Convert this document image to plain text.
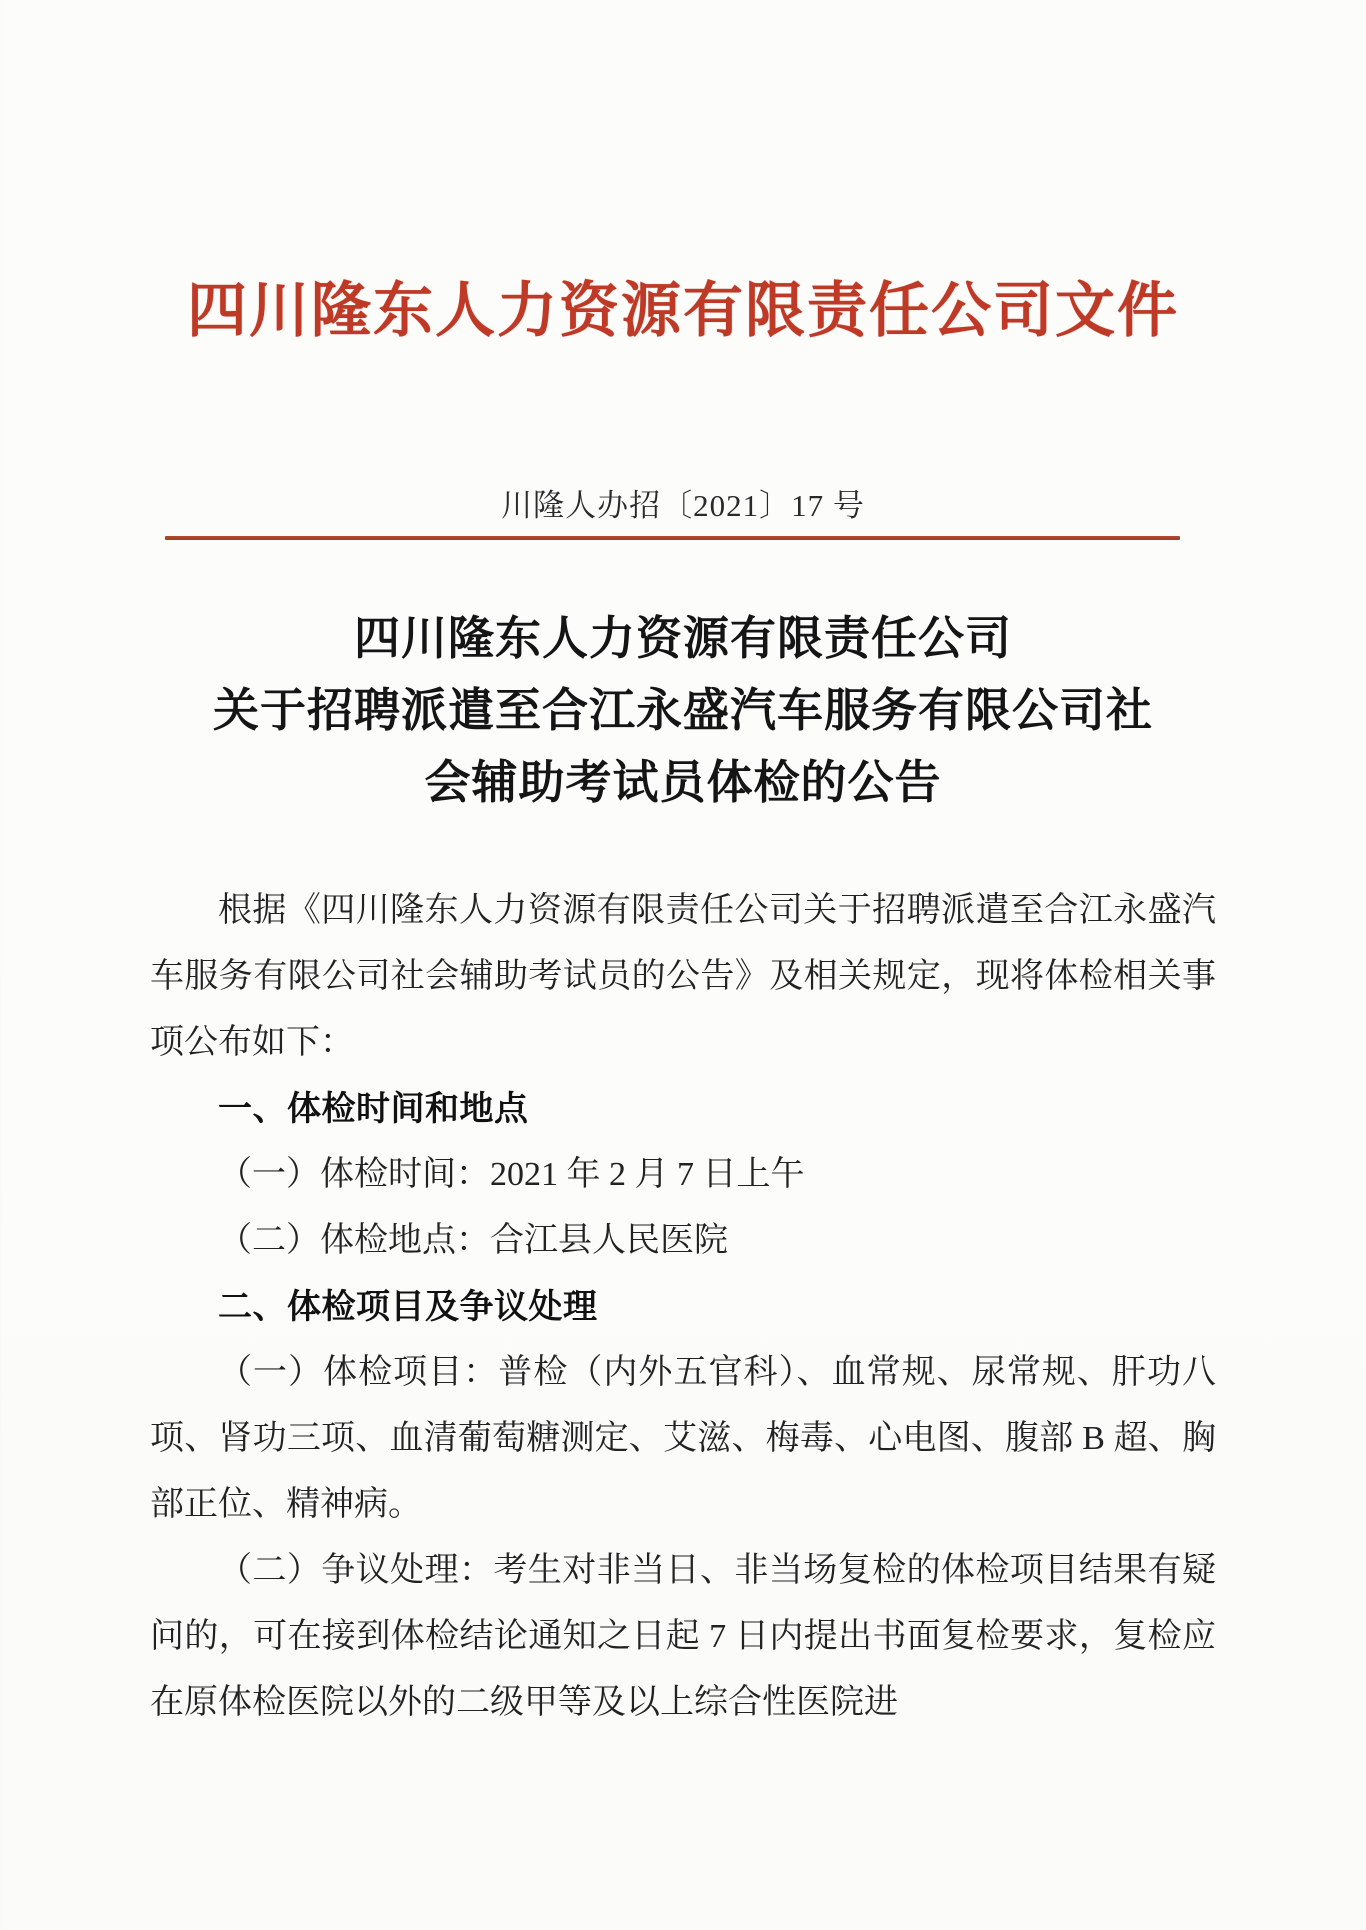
四川隆东人力资源有限责任公司文件
川隆人办招〔2021〕17 号
四川隆东人力资源有限责任公司
关于招聘派遣至合江永盛汽车服务有限公司社
会辅助考试员体检的公告

根据《四川隆东人力资源有限责任公司关于招聘派遣至合江永盛汽车服务有限公司社会辅助考试员的公告》及相关规定，现将体检相关事项公布如下：

一、体检时间和地点

（一）体检时间：2021 年 2 月 7 日上午

（二）体检地点：合江县人民医院

二、体检项目及争议处理

（一）体检项目：普检（内外五官科）、血常规、尿常规、肝功八项、肾功三项、血清葡萄糖测定、艾滋、梅毒、心电图、腹部 B 超、胸部正位、精神病。

（二）争议处理：考生对非当日、非当场复检的体检项目结果有疑问的，可在接到体检结论通知之日起 7 日内提出书面复检要求，复检应在原体检医院以外的二级甲等及以上综合性医院进
